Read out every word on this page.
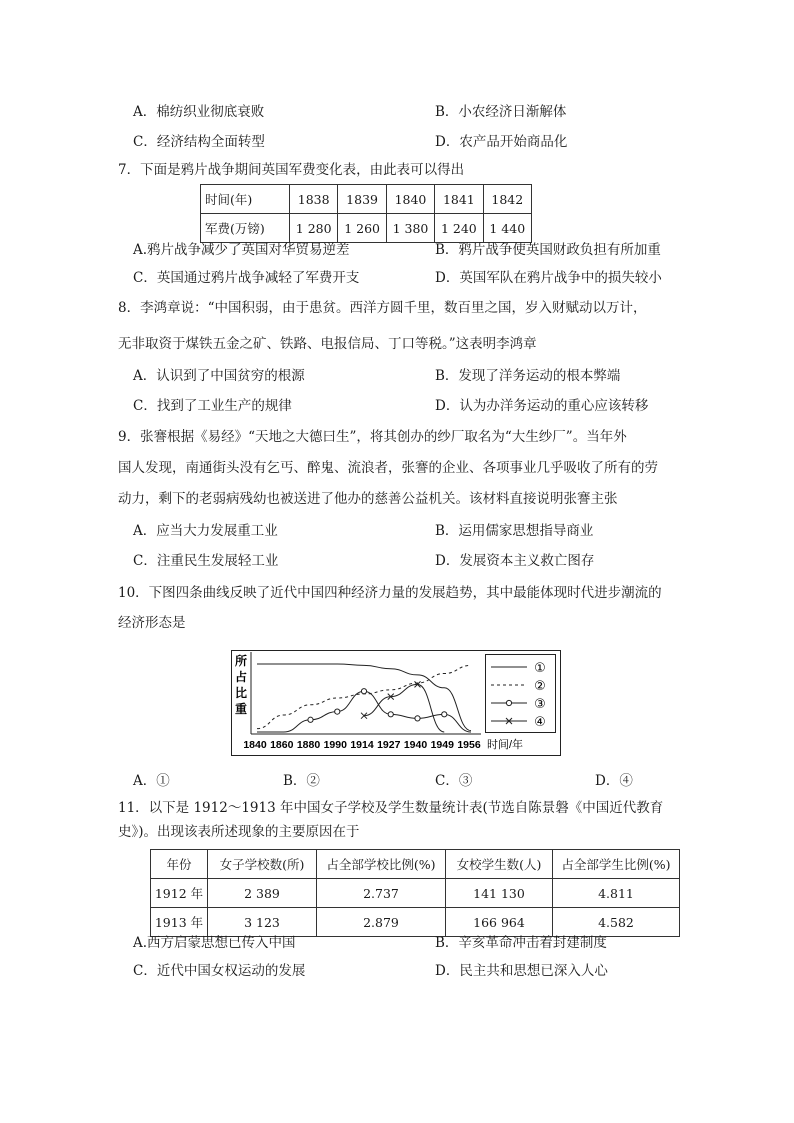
A．棉纺织业彻底衰败	B．小农经济日渐解体
C．经济结构全面转型	D．农产品开始商品化
7．下面是鸦片战争期间英国军费变化表，由此表可以得出
时间(年)	1838	1839	1840	1841	1842
军费(万镑)	1 280	1 260	1 380	1 240	1 440
A.鸦片战争减少了英国对华贸易逆差	B．鸦片战争使英国财政负担有所加重
C．英国通过鸦片战争减轻了军费开支	D．英国军队在鸦片战争中的损失较小
8．李鸿章说：“中国积弱，由于患贫。西洋方圆千里，数百里之国，岁入财赋动以万计，
无非取资于煤铁五金之矿、铁路、电报信局、丁口等税。”这表明李鸿章
A．认识到了中国贫穷的根源	B．发现了洋务运动的根本弊端
C．找到了工业生产的规律	D．认为办洋务运动的重心应该转移
9．张謇根据《易经》“天地之大德曰生”，将其创办的纱厂取名为“大生纱厂”。当年外
国人发现，南通街头没有乞丐、醉鬼、流浪者，张謇的企业、各项事业几乎吸收了所有的劳
动力，剩下的老弱病残幼也被送进了他办的慈善公益机关。该材料直接说明张謇主张
A．应当大力发展重工业	B．运用儒家思想指导商业
C．注重民生发展轻工业	D．发展资本主义救亡图存
10．下图四条曲线反映了近代中国四种经济力量的发展趋势，其中最能体现时代进步潮流的
经济形态是
所
占
比
重
1840 1860 1880 1990 1914 1927 1940 1949 1956 时间/年
①
②
③
④
A．①	B．②	C．③	D．④
11．以下是 1912～1913 年中国女子学校及学生数量统计表(节选自陈景磐《中国近代教育
史》)。出现该表所述现象的主要原因在于
年份	女子学校数(所)	占全部学校比例(%)	女校学生数(人)	占全部学生比例(%)
1912 年	2 389	2.737	141 130	4.811
1913 年	3 123	2.879	166 964	4.582
A.西方启蒙思想已传入中国	B．辛亥革命冲击着封建制度
C．近代中国女权运动的发展	D．民主共和思想已深入人心
